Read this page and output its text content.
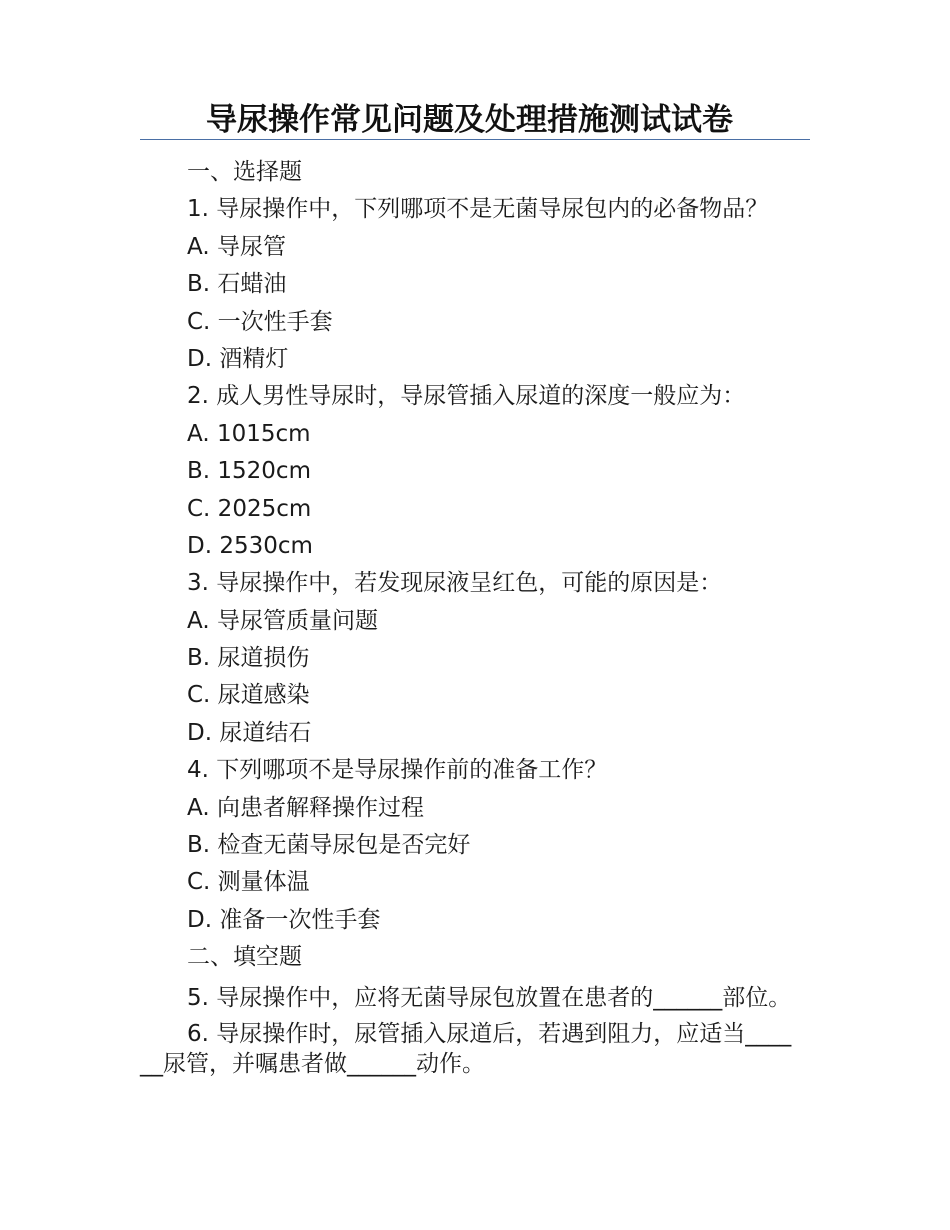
导尿操作常见问题及处理措施测试试卷
一、选择题
1. 导尿操作中，下列哪项不是无菌导尿包内的必备物品？
A. 导尿管
B. 石蜡油
C. 一次性手套
D. 酒精灯
2. 成人男性导尿时，导尿管插入尿道的深度一般应为：
A. 1015cm
B. 1520cm
C. 2025cm
D. 2530cm
3. 导尿操作中，若发现尿液呈红色，可能的原因是：
A. 导尿管质量问题
B. 尿道损伤
C. 尿道感染
D. 尿道结石
4. 下列哪项不是导尿操作前的准备工作？
A. 向患者解释操作过程
B. 检查无菌导尿包是否完好
C. 测量体温
D. 准备一次性手套
二、填空题
5. 导尿操作中，应将无菌导尿包放置在患者的______部位。
6. 导尿操作时，尿管插入尿道后，若遇到阻力，应适当______尿管，并嘱患者做______动作。
